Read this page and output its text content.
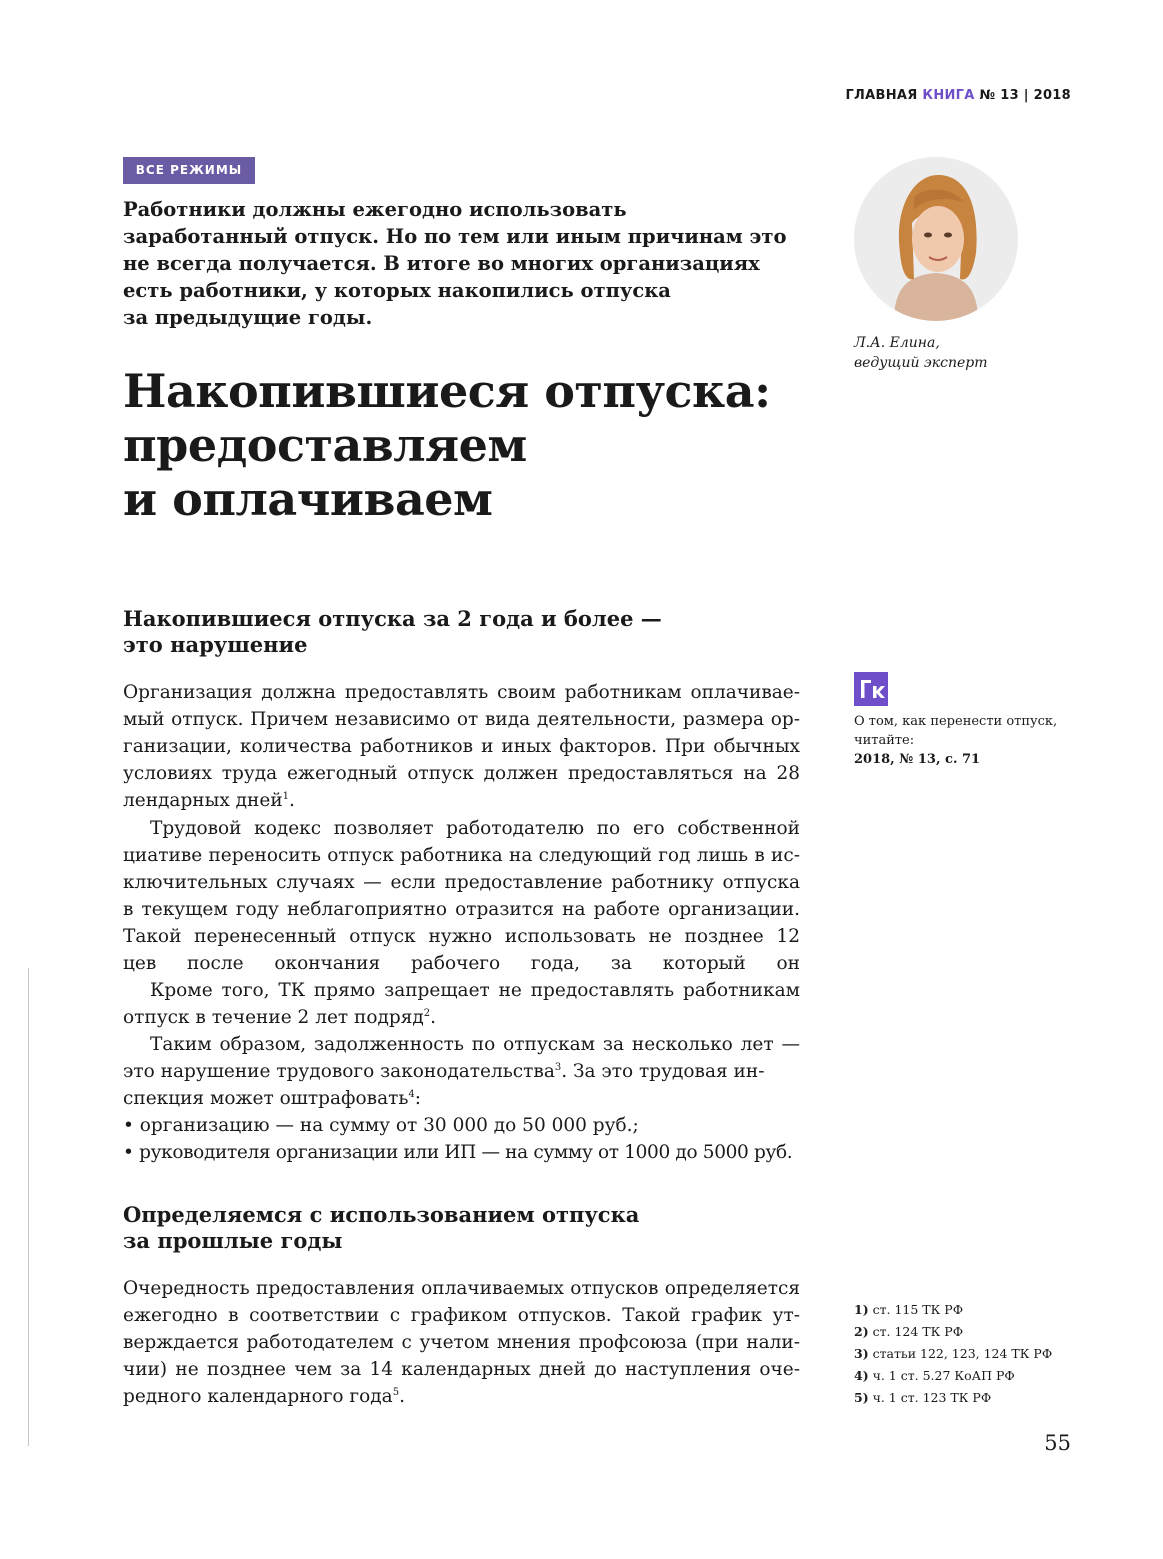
ГЛАВНАЯ КНИГА № 13 | 2018
ВСЕ РЕЖИМЫ

Работники должны ежегодно использовать
заработанный отпуск. Но по тем или иным причинам это
не всегда получается. В итоге во многих организациях
есть работники, у которых накопились отпуска
за предыдущие годы.

Накопившиеся отпуска:
предоставляем
и оплачиваем
Л.А. Елина,
ведущий эксперт
Накопившиеся отпуска за 2 года и более —
это нарушение
Организация должна предоставлять своим работникам оплачивае-
мый отпуск. Причем независимо от вида деятельности, размера ор-
ганизации, количества работников и иных факторов. При обычных
условиях труда ежегодный отпуск должен предоставляться на 28
лендарных дней$^1$.
Трудовой кодекс позволяет работодателю по его собственной
циативе переносить отпуск работника на следующий год лишь в ис-
ключительных случаях — если предоставление работнику отпуска
в текущем году неблагоприятно отразится на работе организации.
Такой перенесенный отпуск нужно использовать не позднее 12
цев после окончания рабочего года, за который он
Кроме того, ТК прямо запрещает не предоставлять работникам
отпуск в течение 2 лет подряд$^2$.
Таким образом, задолженность по отпускам за несколько лет —
это нарушение трудового законодательства$^3$. За это трудовая ин-
спекция может оштрафовать$^4$:
• организацию — на сумму от 30 000 до 50 000 руб.;
• руководителя организации или ИП — на сумму от 1000 до 5000 руб.
Определяемся с использованием отпуска
за прошлые годы
Очередность предоставления оплачиваемых отпусков определяется
ежегодно в соответствии с графиком отпусков. Такой график ут-
верждается работодателем с учетом мнения профсоюза (при нали-
чии) не позднее чем за 14 календарных дней до наступления оче-
редного календарного года$^5$.
О том, как перенести отпуск,
читайте:
2018, № 13, с. 71
1) ст. 115 ТК РФ
2) ст. 124 ТК РФ
3) статьи 122, 123, 124 ТК РФ
4) ч. 1 ст. 5.27 КоАП РФ
5) ч. 1 ст. 123 ТК РФ
55
